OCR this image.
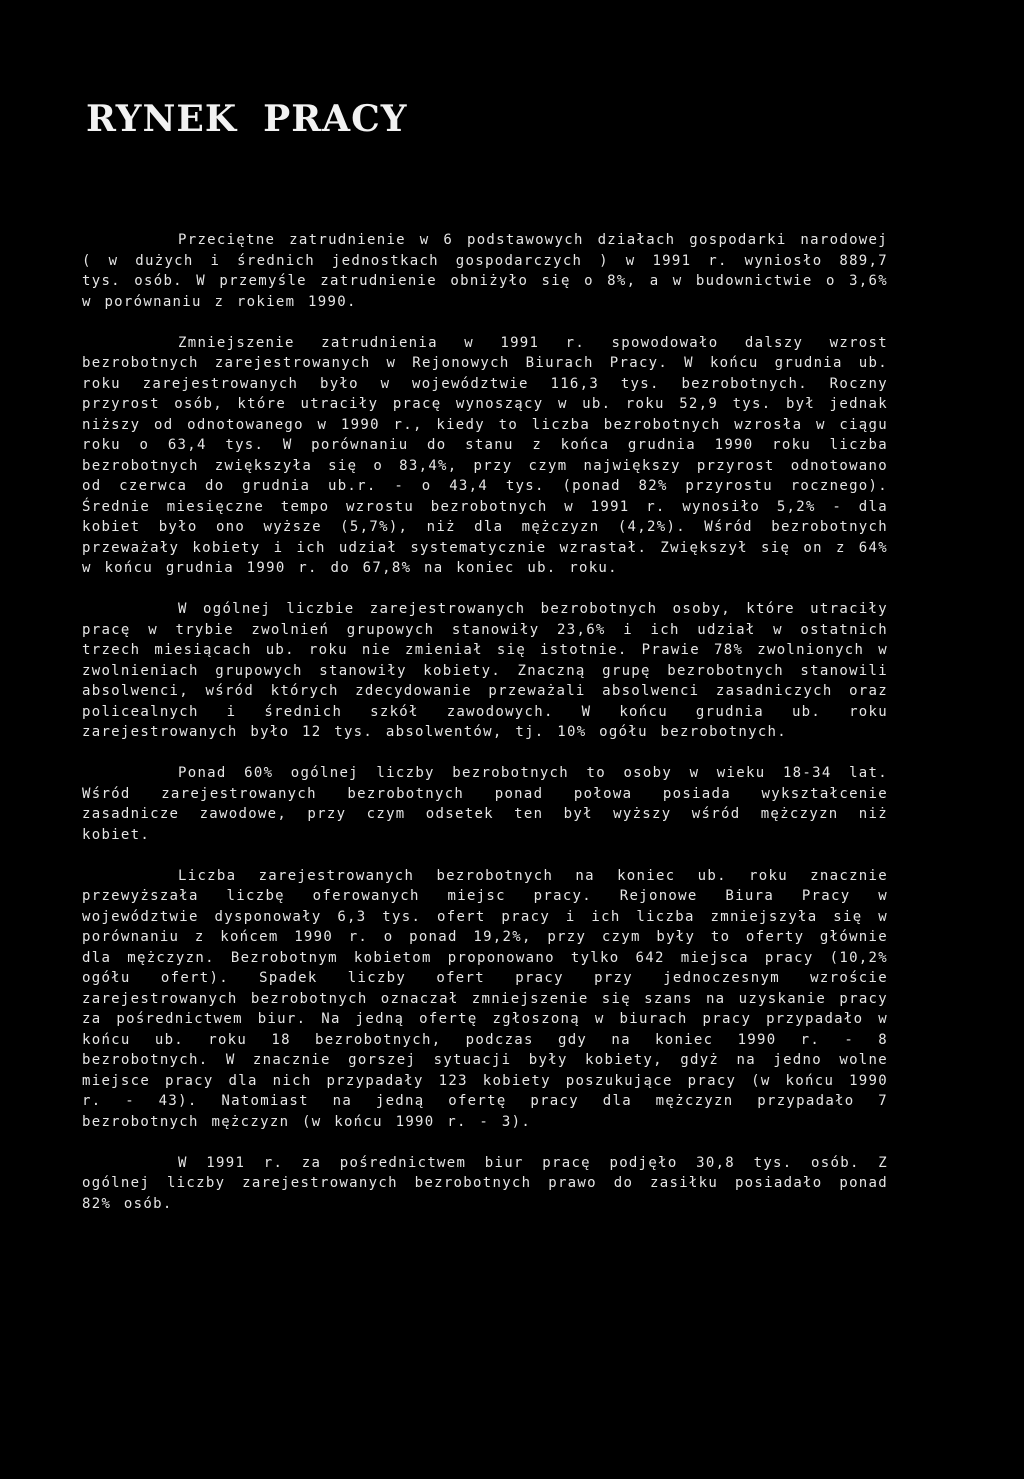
RYNEK PRACY

Przeciętne zatrudnienie w 6 podstawowych działach gospodarki narodowej ( w dużych i średnich jednostkach gospodarczych ) w 1991 r. wyniosło 889,7 tys. osób. W przemyśle zatrudnienie obniżyło się o 8%, a w budownictwie o 3,6% w porównaniu z rokiem 1990.

Zmniejszenie zatrudnienia w 1991 r. spowodowało dalszy wzrost bezrobotnych zarejestrowanych w Rejonowych Biurach Pracy. W końcu grudnia ub. roku zarejestrowanych było w województwie 116,3 tys. bezrobotnych. Roczny przyrost osób, które utraciły pracę wynoszący w ub. roku 52,9 tys. był jednak niższy od odnotowanego w 1990 r., kiedy to liczba bezrobotnych wzrosła w ciągu roku o 63,4 tys. W porównaniu do stanu z końca grudnia 1990 roku liczba bezrobotnych zwiększyła się o 83,4%, przy czym największy przyrost odnotowano od czerwca do grudnia ub.r. - o 43,4 tys. (ponad 82% przyrostu rocznego). Średnie miesięczne tempo wzrostu bezrobotnych w 1991 r. wynosiło 5,2% - dla kobiet było ono wyższe (5,7%), niż dla mężczyzn (4,2%). Wśród bezrobotnych przeważały kobiety i ich udział systematycznie wzrastał. Zwiększył się on z 64% w końcu grudnia 1990 r. do 67,8% na koniec ub. roku.

W ogólnej liczbie zarejestrowanych bezrobotnych osoby, które utraciły pracę w trybie zwolnień grupowych stanowiły 23,6% i ich udział w ostatnich trzech miesiącach ub. roku nie zmieniał się istotnie. Prawie 78% zwolnionych w zwolnieniach grupowych stanowiły kobiety. Znaczną grupę bezrobotnych stanowili absolwenci, wśród których zdecydowanie przeważali absolwenci zasadniczych oraz policealnych i średnich szkół zawodowych. W końcu grudnia ub. roku zarejestrowanych było 12 tys. absolwentów, tj. 10% ogółu bezrobotnych.

Ponad 60% ogólnej liczby bezrobotnych to osoby w wieku 18-34 lat. Wśród zarejestrowanych bezrobotnych ponad połowa posiada wykształcenie zasadnicze zawodowe, przy czym odsetek ten był wyższy wśród mężczyzn niż kobiet.

Liczba zarejestrowanych bezrobotnych na koniec ub. roku znacznie przewyższała liczbę oferowanych miejsc pracy. Rejonowe Biura Pracy w województwie dysponowały 6,3 tys. ofert pracy i ich liczba zmniejszyła się w porównaniu z końcem 1990 r. o ponad 19,2%, przy czym były to oferty głównie dla mężczyzn. Bezrobotnym kobietom proponowano tylko 642 miejsca pracy (10,2% ogółu ofert). Spadek liczby ofert pracy przy jednoczesnym wzroście zarejestrowanych bezrobotnych oznaczał zmniejszenie się szans na uzyskanie pracy za pośrednictwem biur. Na jedną ofertę zgłoszoną w biurach pracy przypadało w końcu ub. roku 18 bezrobotnych, podczas gdy na koniec 1990 r. - 8 bezrobotnych. W znacznie gorszej sytuacji były kobiety, gdyż na jedno wolne miejsce pracy dla nich przypadały 123 kobiety poszukujące pracy (w końcu 1990 r. - 43). Natomiast na jedną ofertę pracy dla mężczyzn przypadało 7 bezrobotnych mężczyzn (w końcu 1990 r. - 3).

W 1991 r. za pośrednictwem biur pracę podjęło 30,8 tys. osób. Z ogólnej liczby zarejestrowanych bezrobotnych prawo do zasiłku posiadało ponad 82% osób.
